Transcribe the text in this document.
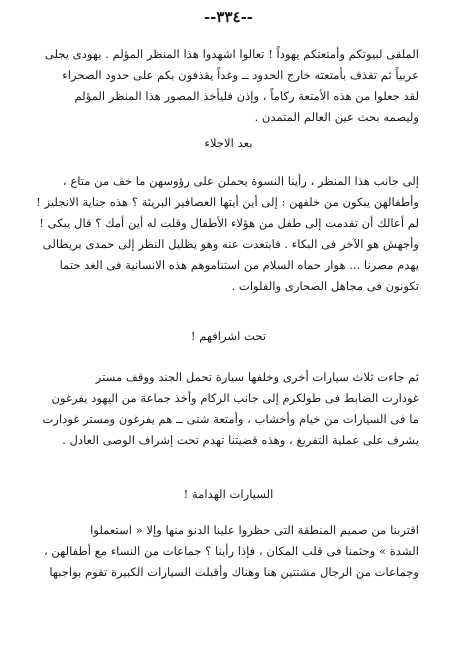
--٣٣٤--
الملقى لبيوتكم وأمتعتكم يهوداً ! تعالوا اشهدوا هذا المنظر المؤلم . يهودى يجلى
عربياً ثم تقذف بأمتعته خارج الحدود ــ وغداً يقذفون بكم على حدود الصحراء
لقد جعلوا من هذه الأمتعة ركاماً ، وإذن فليأخذ المصور هذا المنظر المؤلم
وليصمه بحث عين العالم المتمدن .
بعد الاجلاء
إلى جانب هذا المنظر ، رأينا النسوة يحملن على رؤوسهن ما خف من متاع ،
وأطفالهن يبكون من خلفهن : إلى أين أيتها العصافير البريئة ؟ هذه جناية الانجليز !
لم أعالك أن تقدمت إلى طفل من هؤلاء الأطفال وقلت له أين أمك ؟ قال يبكى !
وأجهش هو الآخر فى البكاء . فابتعدت عنه وهو يظليل النظر إلى حمدى بريطالى
يهدم مصرنا ... هوار حماه السلام من استناموهم هذه الانسانية فى الغد حتما
تكونون فى مجاهل الصحارى والفلوات .
تحت اشرافهم !
ثم جاءت ثلاث سيارات أخرى وخلفها سيارة تحمل الجند ووقف مستر
غودارت الضابط فى طولكرم إلى جانب الركام وأخذ جماعة من اليهود يفرغون
ما فى السيارات من خيام وأخشاب ، وأمتعة شتى ــ هم يفرغون ومستر غودارت
يشرف على عملية التفريغ ، وهذه قضيتنا تهدم تحت إشراف الوصى العادل .
السيارات الهدامة !
اقتربنا من صميم المنطقة التى حظروا علينا الدنو منها وإلا « استعملوا
الشدة » وجثمنا فى قلب المكان ، فإذا رأينا ؟ جماعات من النساء مع أطفالهن ،
وجماعات من الرجال مشتتين هنا وهناك وأقبلت السيارات الكبيرة تقوم بواجبها
